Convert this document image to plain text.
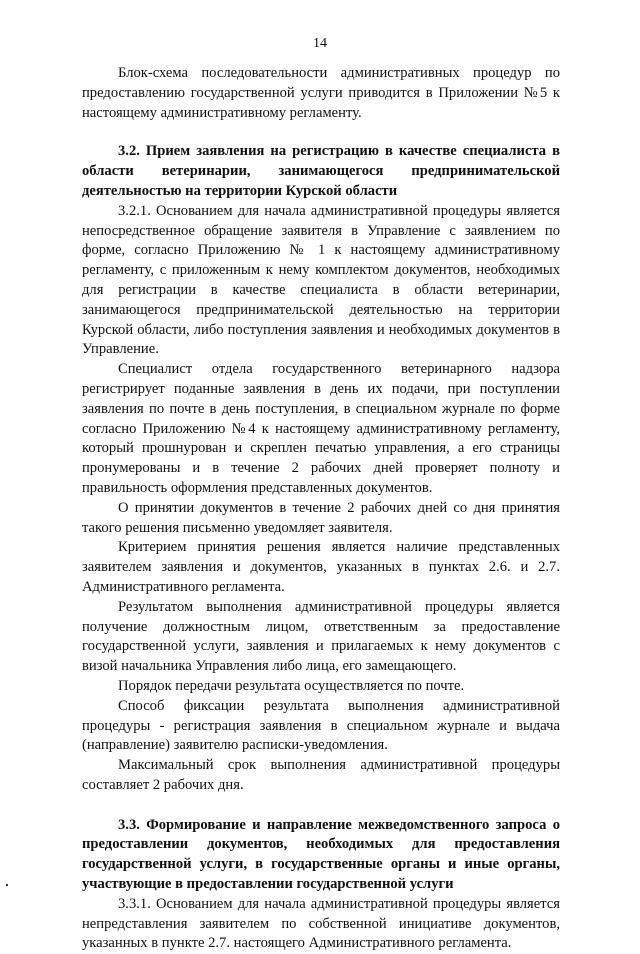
14

Блок-схема последовательности административных процедур по предоставлению государственной услуги приводится в Приложении №5 к настоящему административному регламенту.

3.2. Прием заявления на регистрацию в качестве специалиста в области ветеринарии, занимающегося предпринимательской деятельностью на территории Курской области

3.2.1. Основанием для начала административной процедуры является непосредственное обращение заявителя в Управление с заявлением по форме, согласно Приложению № 1 к настоящему административному регламенту, с приложенным к нему комплектом документов, необходимых для регистрации в качестве специалиста в области ветеринарии, занимающегося предпринимательской деятельностью на территории Курской области, либо поступления заявления и необходимых документов в Управление.

Специалист отдела государственного ветеринарного надзора регистрирует поданные заявления в день их подачи, при поступлении заявления по почте в день поступления, в специальном журнале по форме согласно Приложению №4 к настоящему административному регламенту, который прошнурован и скреплен печатью управления, а его страницы пронумерованы и в течение 2 рабочих дней проверяет полноту и правильность оформления представленных документов.

О принятии документов в течение 2 рабочих дней со дня принятия такого решения письменно уведомляет заявителя.

Критерием принятия решения является наличие представленных заявителем заявления и документов, указанных в пунктах 2.6. и 2.7. Административного регламента.

Результатом выполнения административной процедуры является получение должностным лицом, ответственным за предоставление государственной услуги, заявления и прилагаемых к нему документов с визой начальника Управления либо лица, его замещающего.

Порядок передачи результата осуществляется по почте.

Способ фиксации результата выполнения административной процедуры - регистрация заявления в специальном журнале и выдача (направление) заявителю расписки-уведомления.

Максимальный срок выполнения административной процедуры составляет 2 рабочих дня.

3.3. Формирование и направление межведомственного запроса о предоставлении документов, необходимых для предоставления государственной услуги, в государственные органы и иные органы, участвующие в предоставлении государственной услуги

3.3.1. Основанием для начала административной процедуры является непредставления заявителем по собственной инициативе документов, указанных в пункте 2.7. настоящего Административного регламента.
